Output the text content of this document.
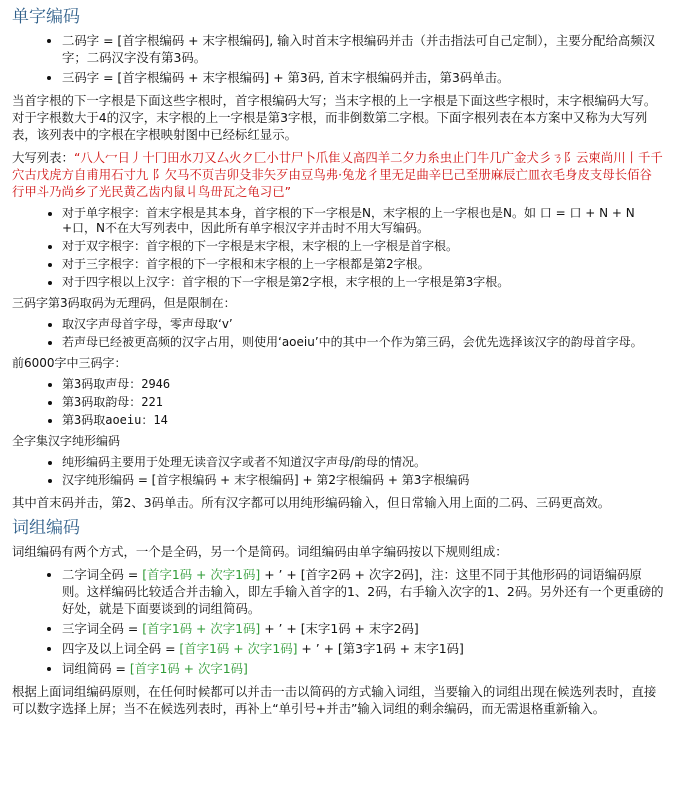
单字编码
• 二码字 = [首字根编码 + 末字根编码], 输入时首末字根编码并击（并击指法可自己定制），主要分配给高频汉字；二码汉字没有第3码。
• 三码字 = [首字根编码 + 末字根编码] + 第3码, 首末字根编码并击，第3码单击。

当首字根的下一字根是下面这些字根时，首字根编码大写；当末字根的上一字根是下面这些字根时，末字根编码大写。对于字根数大于4的汉字，末字根的上一字根是第3字根，而非倒数第二字根。下面字根列表在本方案中又称为大写列表，该列表中的字根在字根映射图中已经标红显示。

大写列表：“八人冖日丿十冂田水刀又厶火ク匚小廿尸卜爪隹乂高四羊二夕力糸虫止门牛几广金犬彡ㄋ阝云柬尚川丨千千穴古戊虎方自甫用石寸九 阝欠马不页吉卯殳非矢歹由豆鸟弗·兔龙彳里无足曲辛巳己至册麻辰亡皿衣毛身皮支母长佰谷行甲斗乃尚乡了光民黄乙齿内鼠丩鸟毌瓦之龟习已”

• 对于单字根字：首末字根是其本身，首字根的下一字根是N，末字根的上一字根也是N。如 口 = 口 + N + N +口，N不在大写列表中，因此所有单字根汉字并击时不用大写编码。
• 对于双字根字：首字根的下一字根是末字根，末字根的上一字根是首字根。
• 对于三字根字：首字根的下一字根和末字根的上一字根都是第2字根。
• 对于四字根以上汉字：首字根的下一字根是第2字根，末字根的上一字根是第3字根。

三码字第3码取码为无理码，但是限制在：

• 取汉字声母首字母，零声母取‘v’
• 若声母已经被更高频的汉字占用，则使用‘aoeiu’中的其中一个作为第三码，会优先选择该汉字的韵母首字母。

前6000字中三码字：

• 第3码取声母：2946
• 第3码取韵母：221
• 第3码取aoeiu：14

全字集汉字纯形编码

• 纯形编码主要用于处理无读音汉字或者不知道汉字声母/韵母的情况。
• 汉字纯形编码 = [首字根编码 + 末字根编码] + 第2字根编码 + 第3字根编码

其中首末码并击，第2、3码单击。所有汉字都可以用纯形编码输入，但日常输入用上面的二码、三码更高效。

词组编码

词组编码有两个方式，一个是全码，另一个是简码。词组编码由单字编码按以下规则组成：

• 二字词全码 = [首字1码 + 次字1码] + ’ + [首字2码 + 次字2码]，注：这里不同于其他形码的词语编码原则。这样编码比较适合并击输入，即左手输入首字的1、2码，右手输入次字的1、2码。另外还有一个更重磅的好处，就是下面要谈到的词组简码。
• 三字词全码 = [首字1码 + 次字1码] + ’ + [末字1码 + 末字2码]
• 四字及以上词全码 = [首字1码 + 次字1码] + ’ + [第3字1码 + 末字1码]
• 词组简码 = [首字1码 + 次字1码]

根据上面词组编码原则，在任何时候都可以并击一击以简码的方式输入词组，当要输入的词组出现在候选列表时，直接可以数字选择上屏；当不在候选列表时，再补上“单引号+并击”输入词组的剩余编码，而无需退格重新输入。
